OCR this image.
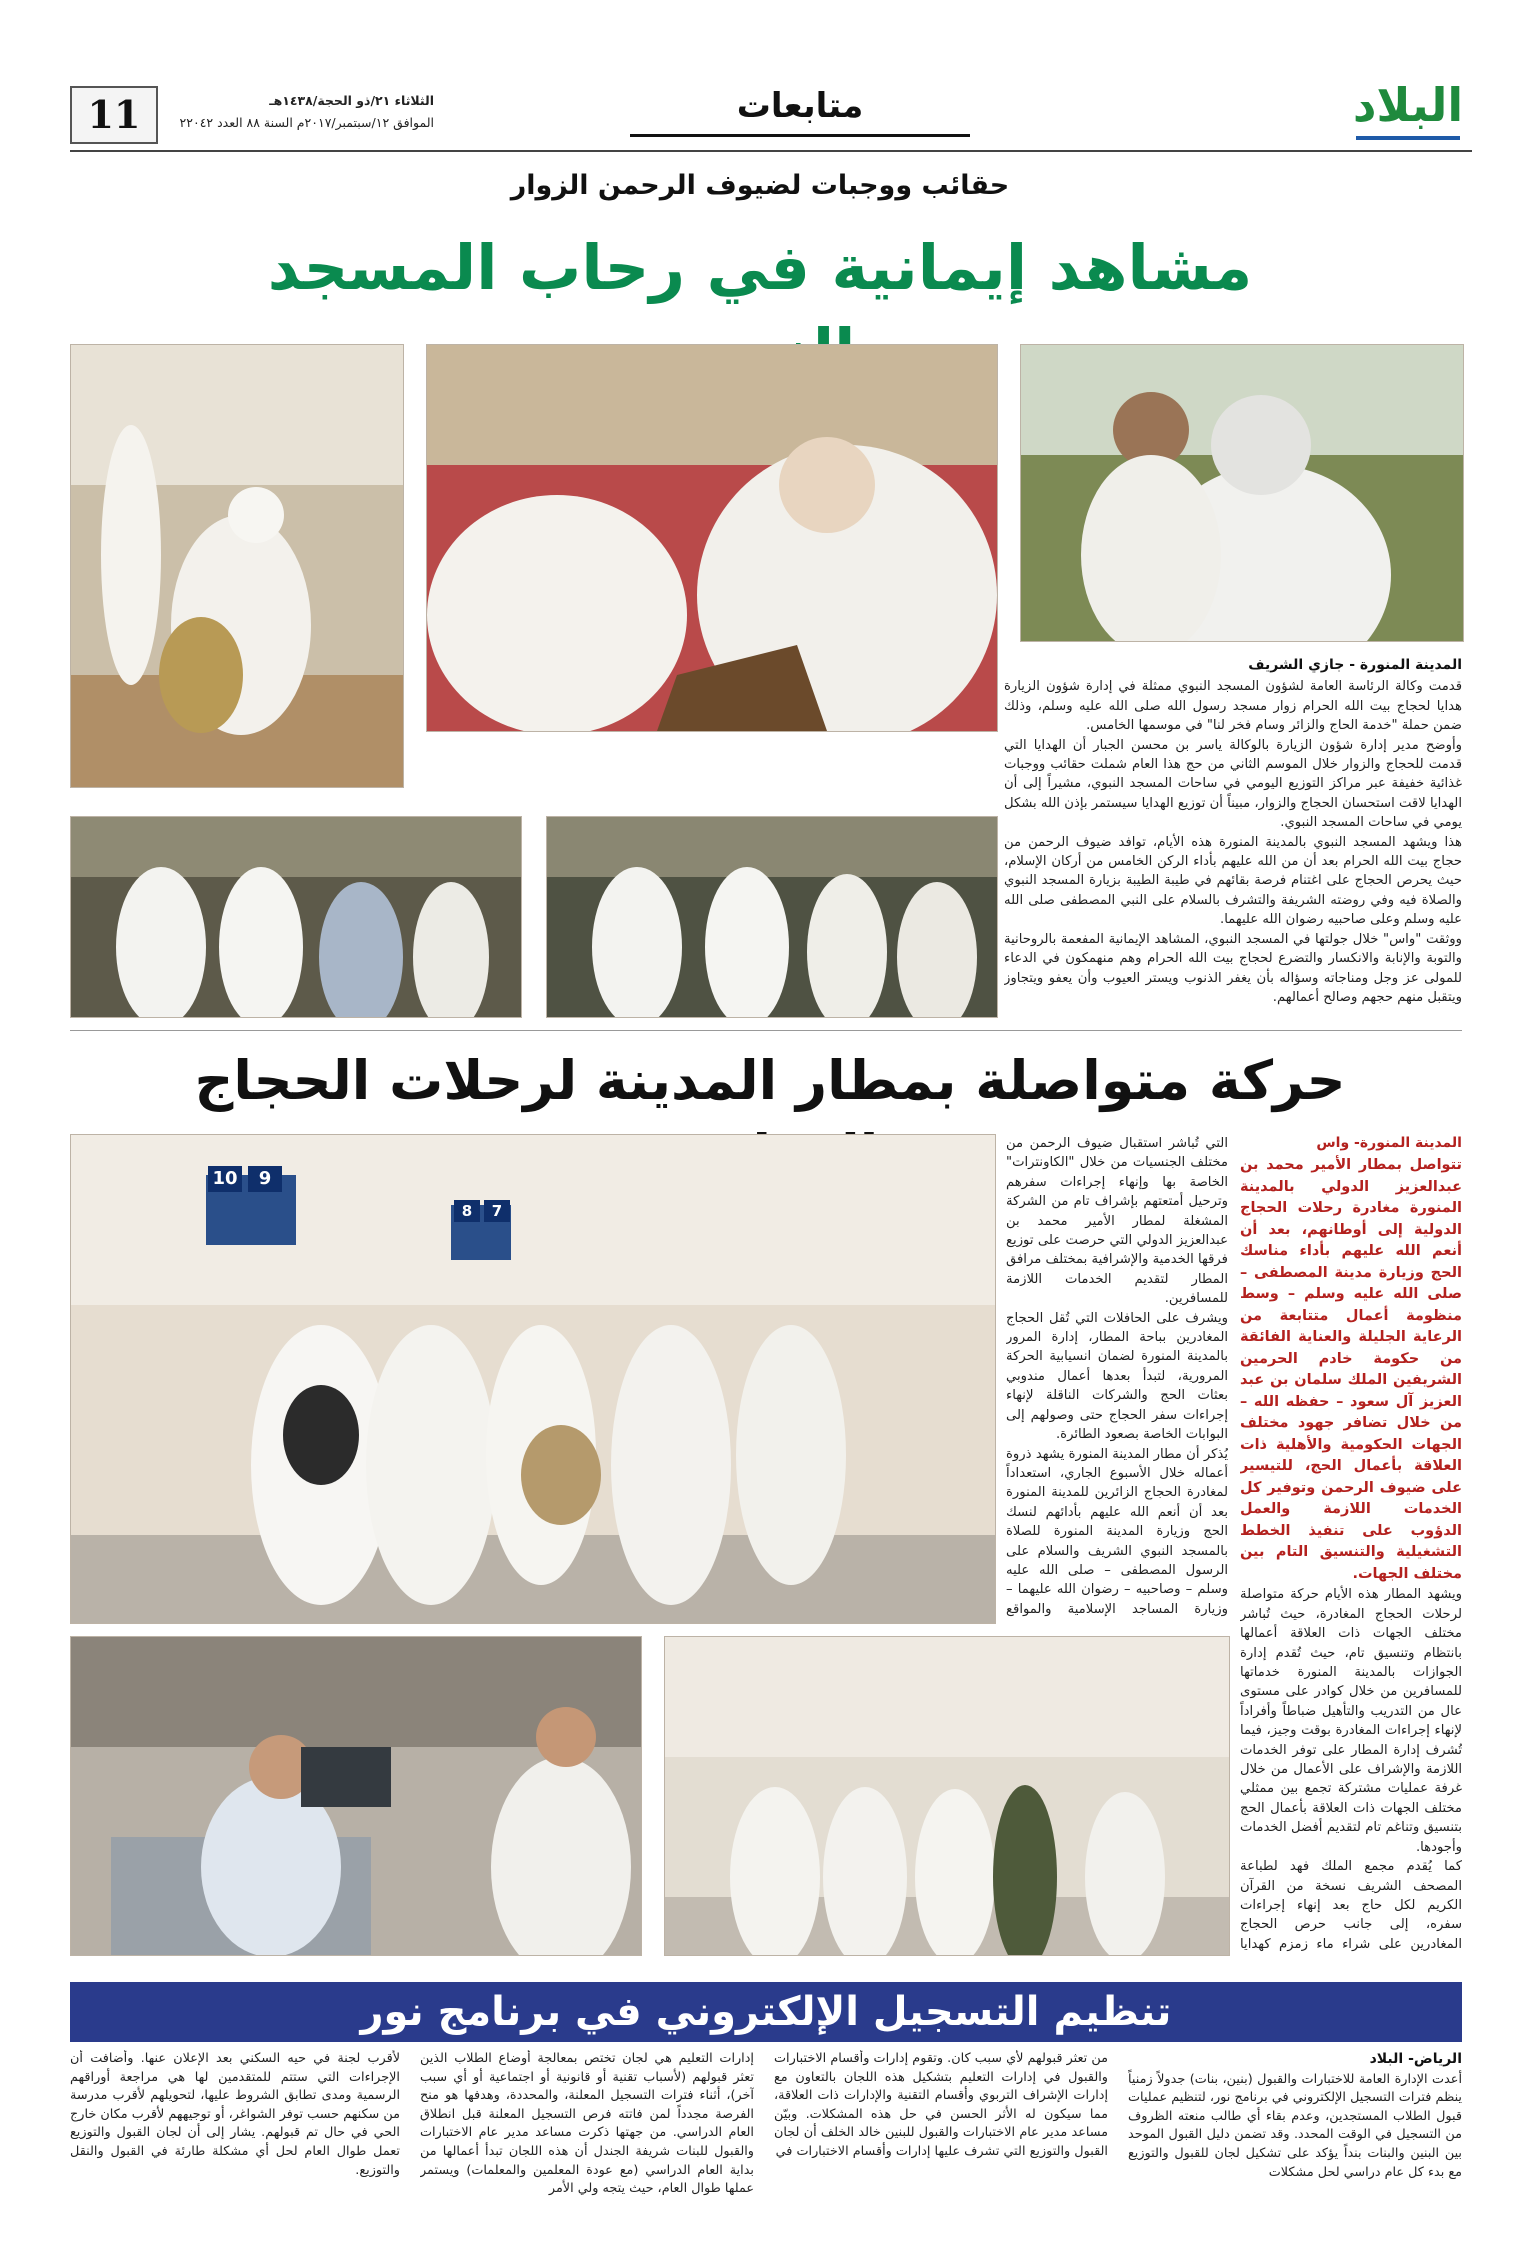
11	الثلاثاء ٢١/ذو الحجة/١٤٣٨هـ
الموافق ١٢/سبتمبر/٢٠١٧م السنة ٨٨ العدد ٢٢٠٤٢	متابعات	البلاد
حقائب ووجبات لضيوف الرحمن الزوار
مشاهد إيمانية في رحاب المسجد
المدينة المنورة - جازي الشريف

قدمت وكالة الرئاسة العامة لشؤون المسجد النبوي ممثلة في إدارة شؤون الزيارة هدايا لحجاج بيت الله الحرام زوار مسجد رسول الله صلى الله عليه وسلم، وذلك ضمن حملة "خدمة الحاج والزائر وسام فخر لنا" في موسمها الخامس.

وأوضح مدير إدارة شؤون الزيارة بالوكالة ياسر بن محسن الجبار أن الهدايا التي قدمت للحجاج والزوار خلال الموسم الثاني من حج هذا العام شملت حقائب ووجبات غذائية خفيفة عبر مراكز التوزيع اليومي في ساحات المسجد النبوي، مشيراً إلى أن الهدايا لاقت استحسان الحجاج والزوار، مبيناً أن توزيع الهدايا سيستمر بإذن الله بشكل يومي في ساحات المسجد النبوي.

هذا ويشهد المسجد النبوي بالمدينة المنورة هذه الأيام، توافد ضيوف الرحمن من حجاج بيت الله الحرام بعد أن من الله عليهم بأداء الركن الخامس من أركان الإسلام، حيث يحرص الحجاج على اغتنام فرصة بقائهم في طيبة الطيبة بزيارة المسجد النبوي والصلاة فيه وفي روضته الشريفة والتشرف بالسلام على النبي المصطفى صلى الله عليه وسلم وعلى صاحبيه رضوان الله عليهما.

ووثقت "واس" خلال جولتها في المسجد النبوي، المشاهد الإيمانية المفعمة بالروحانية والتوبة والإنابة والانكسار والتضرع لحجاج بيت الله الحرام وهم منهمكون في الدعاء للمولى عز وجل ومناجاته وسؤاله بأن يغفر الذنوب ويستر العيوب وأن يعفو ويتجاوز ويتقبل منهم حجهم وصالح أعمالهم.

حركة متواصلة بمطار المدينة لرحلات الحجاج
10	9
8	7

التي تُباشر استقبال ضيوف الرحمن من مختلف الجنسيات من خلال "الكاونترات" الخاصة بها وإنهاء إجراءات سفرهم وترحيل أمتعتهم بإشراف تام من الشركة المشغلة لمطار الأمير محمد بن عبدالعزيز الدولي التي حرصت على توزيع فرقها الخدمية والإشرافية بمختلف مرافق المطار لتقديم الخدمات اللازمة للمسافرين.

ويشرف على الحافلات التي تُقل الحجاج المغادرين بباحة المطار، إدارة المرور بالمدينة المنورة لضمان انسيابية الحركة المرورية، لتبدأ بعدها أعمال مندوبي بعثات الحج والشركات الناقلة لإنهاء إجراءات سفر الحجاج حتى وصولهم إلى البوابات الخاصة بصعود الطائرة.

يُذكر أن مطار المدينة المنورة يشهد ذروة أعماله خلال الأسبوع الجاري، استعداداً لمغادرة الحجاج الزائرين للمدينة المنورة بعد أن أنعم الله عليهم بأدائهم لنسك الحج وزيارة المدينة المنورة للصلاة بالمسجد النبوي الشريف والسلام على الرسول المصطفى – صلى الله عليه وسلم – وصاحبيه – رضوان الله عليهما – وزيارة المساجد الإسلامية والمواقع

المدينة المنورة- واس
تتواصل بمطار الأمير محمد بن عبدالعزيز الدولي بالمدينة المنورة مغادرة رحلات الحجاج الدولية إلى أوطانهم، بعد أن أنعم الله عليهم بأداء مناسك الحج وزيارة مدينة المصطفى – صلى الله عليه وسلم – وسط منظومة أعمال متتابعة من الرعاية الجليلة والعناية الفائقة من حكومة خادم الحرمين الشريفين الملك سلمان بن عبد العزيز آل سعود – حفظه الله – من خلال تضافر جهود مختلف الجهات الحكومية والأهلية ذات العلاقة بأعمال الحج، للتيسير على ضيوف الرحمن وتوفير كل الخدمات اللازمة والعمل الدؤوب على تنفيذ الخطط التشغيلية والتنسيق التام بين مختلف الجهات.

ويشهد المطار هذه الأيام حركة متواصلة لرحلات الحجاج المغادرة، حيث تُباشر مختلف الجهات ذات العلاقة أعمالها بانتظام وتنسيق تام، حيث تُقدم إدارة الجوازات بالمدينة المنورة خدماتها للمسافرين من خلال كوادر على مستوى عال من التدريب والتأهيل ضباطاً وأفراداً لإنهاء إجراءات المغادرة بوقت وجيز، فيما تُشرف إدارة المطار على توفر الخدمات اللازمة والإشراف على الأعمال من خلال غرفة عمليات مشتركة تجمع بين ممثلي مختلف الجهات ذات العلاقة بأعمال الحج بتنسيق وتناغم تام لتقديم أفضل الخدمات وأجودها.

كما يُقدم مجمع الملك فهد لطباعة المصحف الشريف نسخة من القرآن الكريم لكل حاج بعد إنهاء إجراءات سفره، إلى جانب حرص الحجاج المغادرين على شراء ماء زمزم كهدايا

تنظيم التسجيل الإلكتروني في برنامج نور
الرياض- البلاد

أعدت الإدارة العامة للاختبارات والقبول (بنين، بنات) جدولاً زمنياً ينظم فترات التسجيل الإلكتروني في برنامج نور، لتنظيم عمليات قبول الطلاب المستجدين، وعدم بقاء أي طالب منعته الظروف من التسجيل في الوقت المحدد. وقد تضمن دليل القبول الموحد بين البنين والبنات بنداً يؤكد على تشكيل لجان للقبول والتوزيع مع بدء كل عام دراسي لحل مشكلات

من تعثر قبولهم لأي سبب كان. وتقوم إدارات وأقسام الاختبارات والقبول في إدارات التعليم بتشكيل هذه اللجان بالتعاون مع إدارات الإشراف التربوي وأقسام التقنية والإدارات ذات العلاقة، مما سيكون له الأثر الحسن في حل هذه المشكلات. وبيّن مساعد مدير عام الاختبارات والقبول للبنين خالد الخلف أن لجان القبول والتوزيع التي تشرف عليها إدارات وأقسام الاختبارات في

إدارات التعليم هي لجان تختص بمعالجة أوضاع الطلاب الذين تعثر قبولهم (لأسباب تقنية أو قانونية أو اجتماعية أو أي سبب آخر)، أثناء فترات التسجيل المعلنة، والمحددة، وهدفها هو منح الفرصة مجدداً لمن فاتته فرص التسجيل المعلنة قبل انطلاق العام الدراسي. من جهتها ذكرت مساعد مدير عام الاختبارات والقبول للبنات شريفة الجندل أن هذه اللجان تبدأ أعمالها من بداية العام الدراسي (مع عودة المعلمين والمعلمات) ويستمر عملها طوال العام، حيث يتجه ولي الأمر

لأقرب لجنة في حيه السكني بعد الإعلان عنها. وأضافت أن الإجراءات التي ستتم للمتقدمين لها هي مراجعة أوراقهم الرسمية ومدى تطابق الشروط عليها، لتحويلهم لأقرب مدرسة من سكنهم حسب توفر الشواغر، أو توجيههم لأقرب مكان خارج الحي في حال تم قبولهم. يشار إلى أن لجان القبول والتوزيع تعمل طوال العام لحل أي مشكلة طارئة في القبول والنقل والتوزيع.
